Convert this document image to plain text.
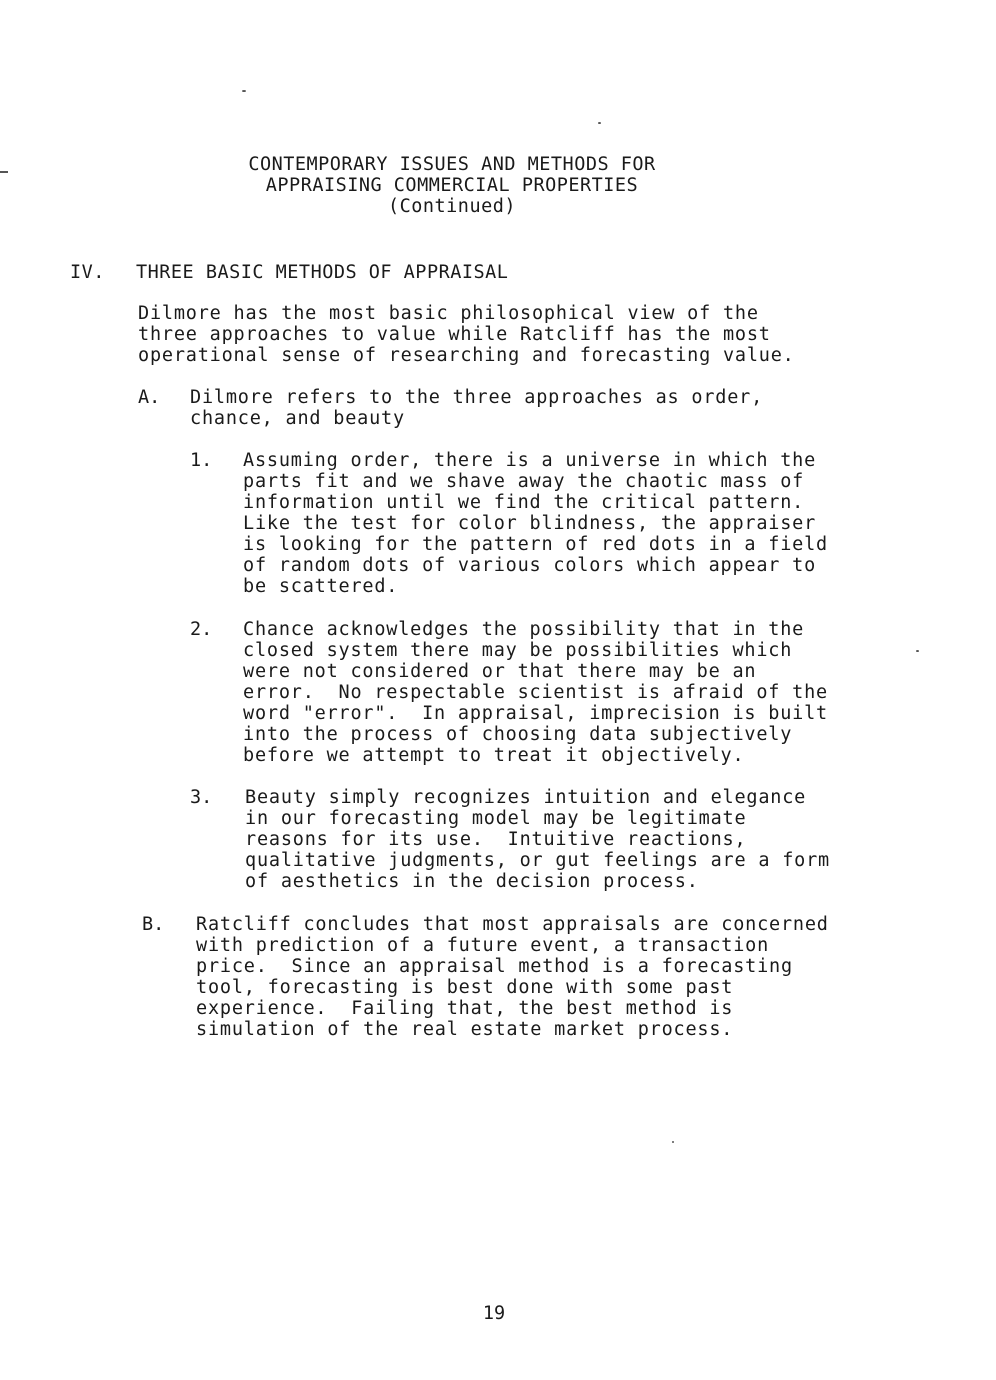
CONTEMPORARY ISSUES AND METHODS FOR
APPRAISING COMMERCIAL PROPERTIES
(Continued)
IV. THREE BASIC METHODS OF APPRAISAL
Dilmore has the most basic philosophical view of the
three approaches to value while Ratcliff has the most
operational sense of researching and forecasting value.
A. Dilmore refers to the three approaches as order,
chance, and beauty
1. Assuming order, there is a universe in which the
parts fit and we shave away the chaotic mass of
information until we find the critical pattern.
Like the test for color blindness, the appraiser
is looking for the pattern of red dots in a field
of random dots of various colors which appear to
be scattered.
2. Chance acknowledges the possibility that in the
closed system there may be possibilities which
were not considered or that there may be an
error.  No respectable scientist is afraid of the
word "error".  In appraisal, imprecision is built
into the process of choosing data subjectively
before we attempt to treat it objectively.
3. Beauty simply recognizes intuition and elegance
in our forecasting model may be legitimate
reasons for its use.  Intuitive reactions,
qualitative judgments, or gut feelings are a form
of aesthetics in the decision process.
B. Ratcliff concludes that most appraisals are concerned
with prediction of a future event, a transaction
price.  Since an appraisal method is a forecasting
tool, forecasting is best done with some past
experience.  Failing that, the best method is
simulation of the real estate market process.
19
